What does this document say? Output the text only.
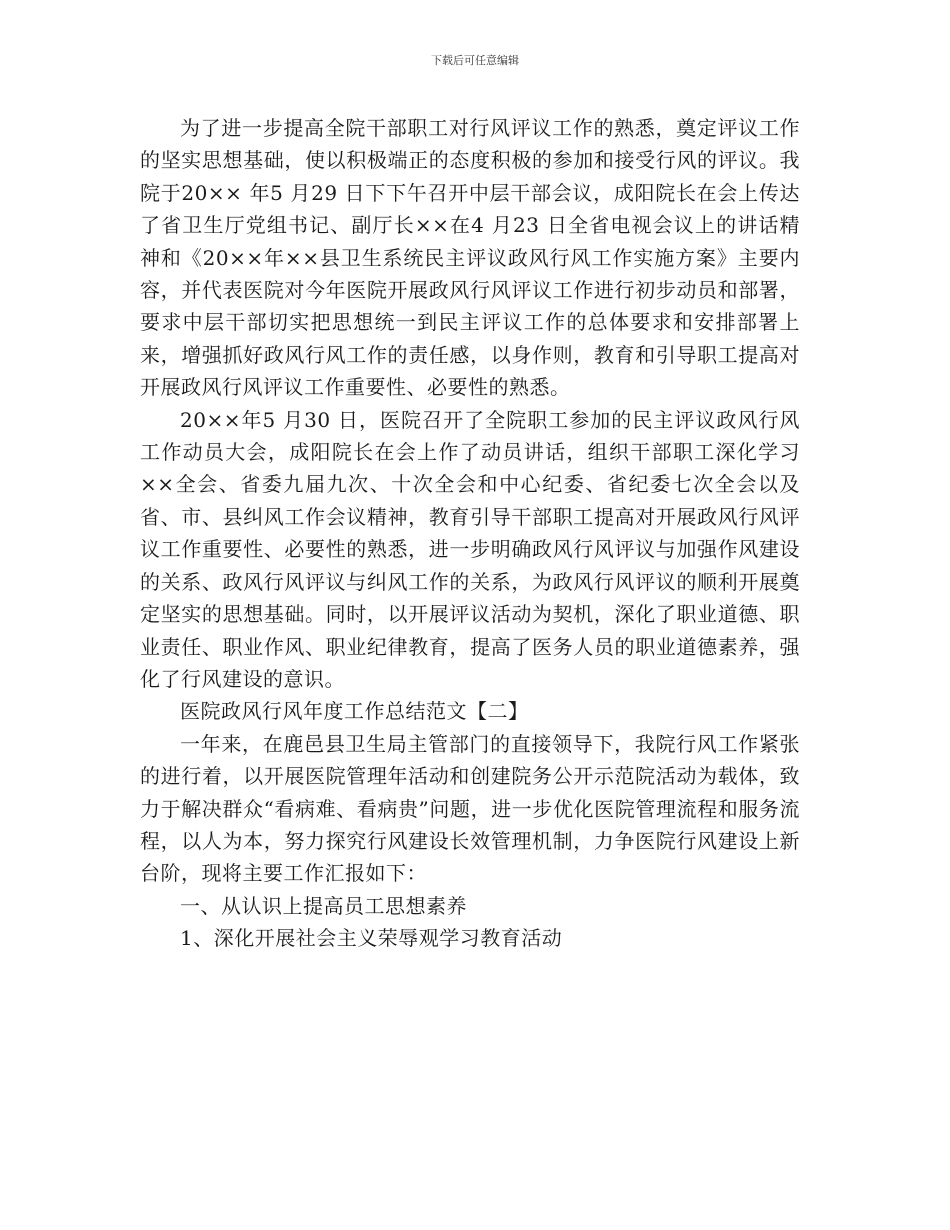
下载后可任意编辑

为了进一步提高全院干部职工对行风评议工作的熟悉，奠定评议工作的坚实思想基础，使以积极端正的态度积极的参加和接受行风的评议。我院于20×× 年5 月29 日下下午召开中层干部会议，成阳院长在会上传达了省卫生厅党组书记、副厅长××在4 月23 日全省电视会议上的讲话精神和《20××年××县卫生系统民主评议政风行风工作实施方案》主要内容，并代表医院对今年医院开展政风行风评议工作进行初步动员和部署，要求中层干部切实把思想统一到民主评议工作的总体要求和安排部署上来，增强抓好政风行风工作的责任感，以身作则，教育和引导职工提高对开展政风行风评议工作重要性、必要性的熟悉。

20××年5 月30 日，医院召开了全院职工参加的民主评议政风行风工作动员大会，成阳院长在会上作了动员讲话，组织干部职工深化学习××全会、省委九届九次、十次全会和中心纪委、省纪委七次全会以及省、市、县纠风工作会议精神，教育引导干部职工提高对开展政风行风评议工作重要性、必要性的熟悉，进一步明确政风行风评议与加强作风建设的关系、政风行风评议与纠风工作的关系，为政风行风评议的顺利开展奠定坚实的思想基础。同时，以开展评议活动为契机，深化了职业道德、职业责任、职业作风、职业纪律教育，提高了医务人员的职业道德素养，强化了行风建设的意识。

医院政风行风年度工作总结范文【二】

一年来，在鹿邑县卫生局主管部门的直接领导下，我院行风工作紧张的进行着，以开展医院管理年活动和创建院务公开示范院活动为载体，致力于解决群众“看病难、看病贵”问题，进一步优化医院管理流程和服务流程，以人为本，努力探究行风建设长效管理机制，力争医院行风建设上新台阶，现将主要工作汇报如下：

一、从认识上提高员工思想素养

1、深化开展社会主义荣辱观学习教育活动
